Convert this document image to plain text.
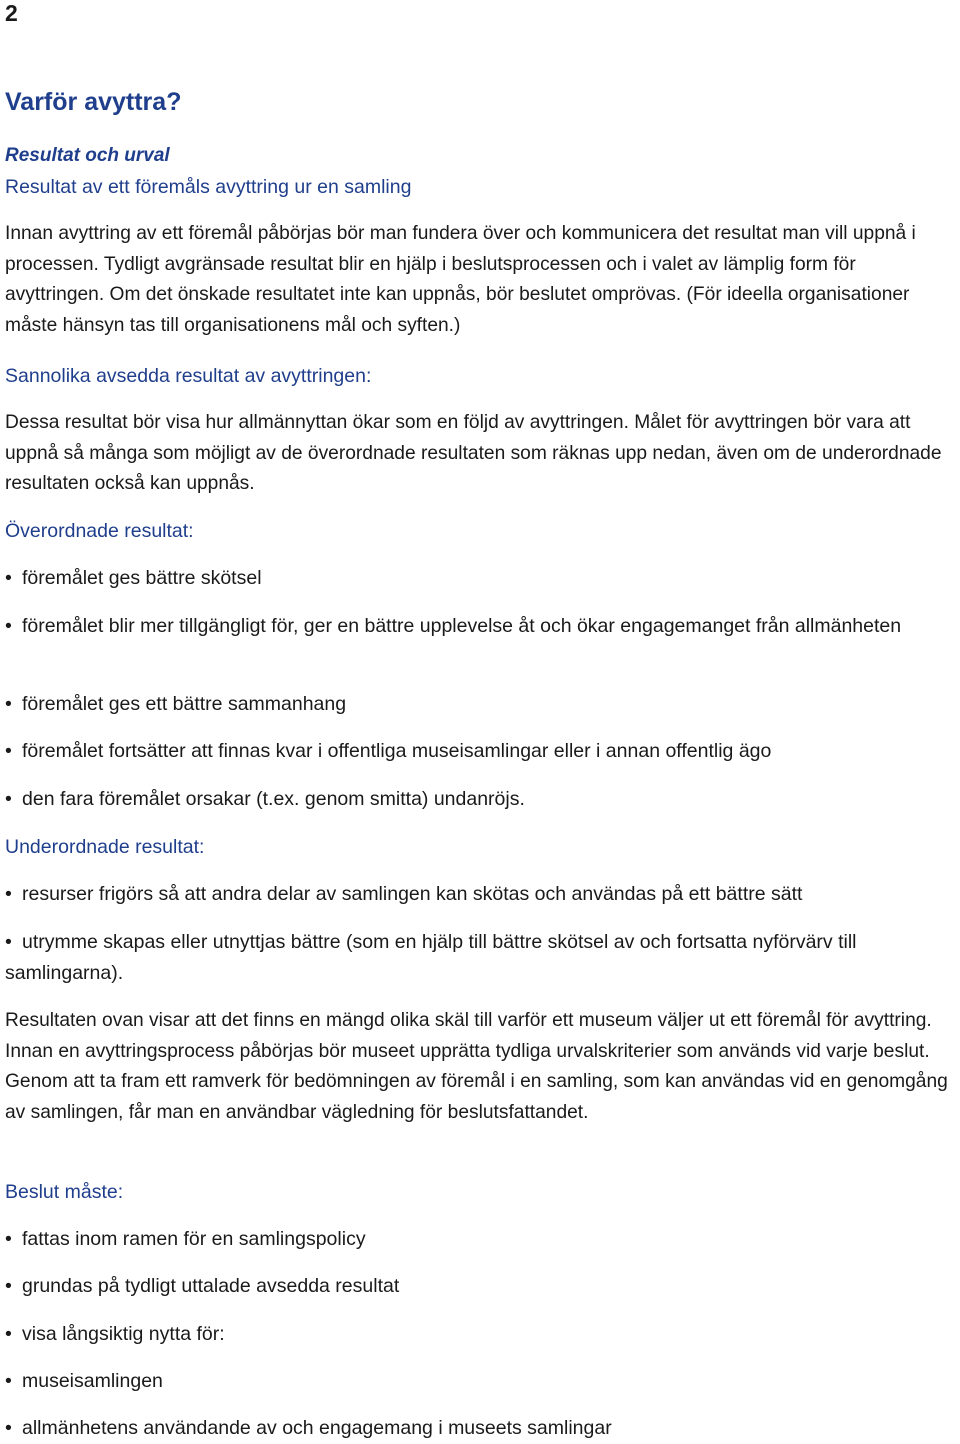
2
Varför avyttra?
Resultat och urval
Resultat av ett föremåls avyttring ur en samling

Innan avyttring av ett föremål påbörjas bör man fundera över och kommunicera det resultat man vill uppnå i processen. Tydligt avgränsade resultat blir en hjälp i beslutsprocessen och i valet av lämplig form för avyttringen. Om det önskade resultatet inte kan uppnås, bör beslutet omprövas. (För ideella organisationer måste hänsyn tas till organisationens mål och syften.)

Sannolika avsedda resultat av avyttringen:

Dessa resultat bör visa hur allmännyttan ökar som en följd av avyttringen. Målet för avyttringen bör vara att uppnå så många som möjligt av de överordnade resultaten som räknas upp nedan, även om de underordnade resultaten också kan uppnås.

Överordnade resultat:
• föremålet ges bättre skötsel
• föremålet blir mer tillgängligt för, ger en bättre upplevelse åt och ökar engagemanget från allmänheten
• föremålet ges ett bättre sammanhang
• föremålet fortsätter att finnas kvar i offentliga museisamlingar eller i annan offentlig ägo
• den fara föremålet orsakar (t.ex. genom smitta) undanröjs.
Underordnade resultat:
• resurser frigörs så att andra delar av samlingen kan skötas och användas på ett bättre sätt
• utrymme skapas eller utnyttjas bättre (som en hjälp till bättre skötsel av och fortsatta nyförvärv till samlingarna).

Resultaten ovan visar att det finns en mängd olika skäl till varför ett museum väljer ut ett föremål för avyttring. Innan en avyttringsprocess påbörjas bör museet upprätta tydliga urvalskriterier som används vid varje beslut. Genom att ta fram ett ramverk för bedömningen av föremål i en samling, som kan användas vid en genomgång av samlingen, får man en användbar vägledning för beslutsfattandet.

Beslut måste:
• fattas inom ramen för en samlingspolicy
• grundas på tydligt uttalade avsedda resultat
• visa långsiktig nytta för:
• museisamlingen
• allmänhetens användande av och engagemang i museets samlingar
